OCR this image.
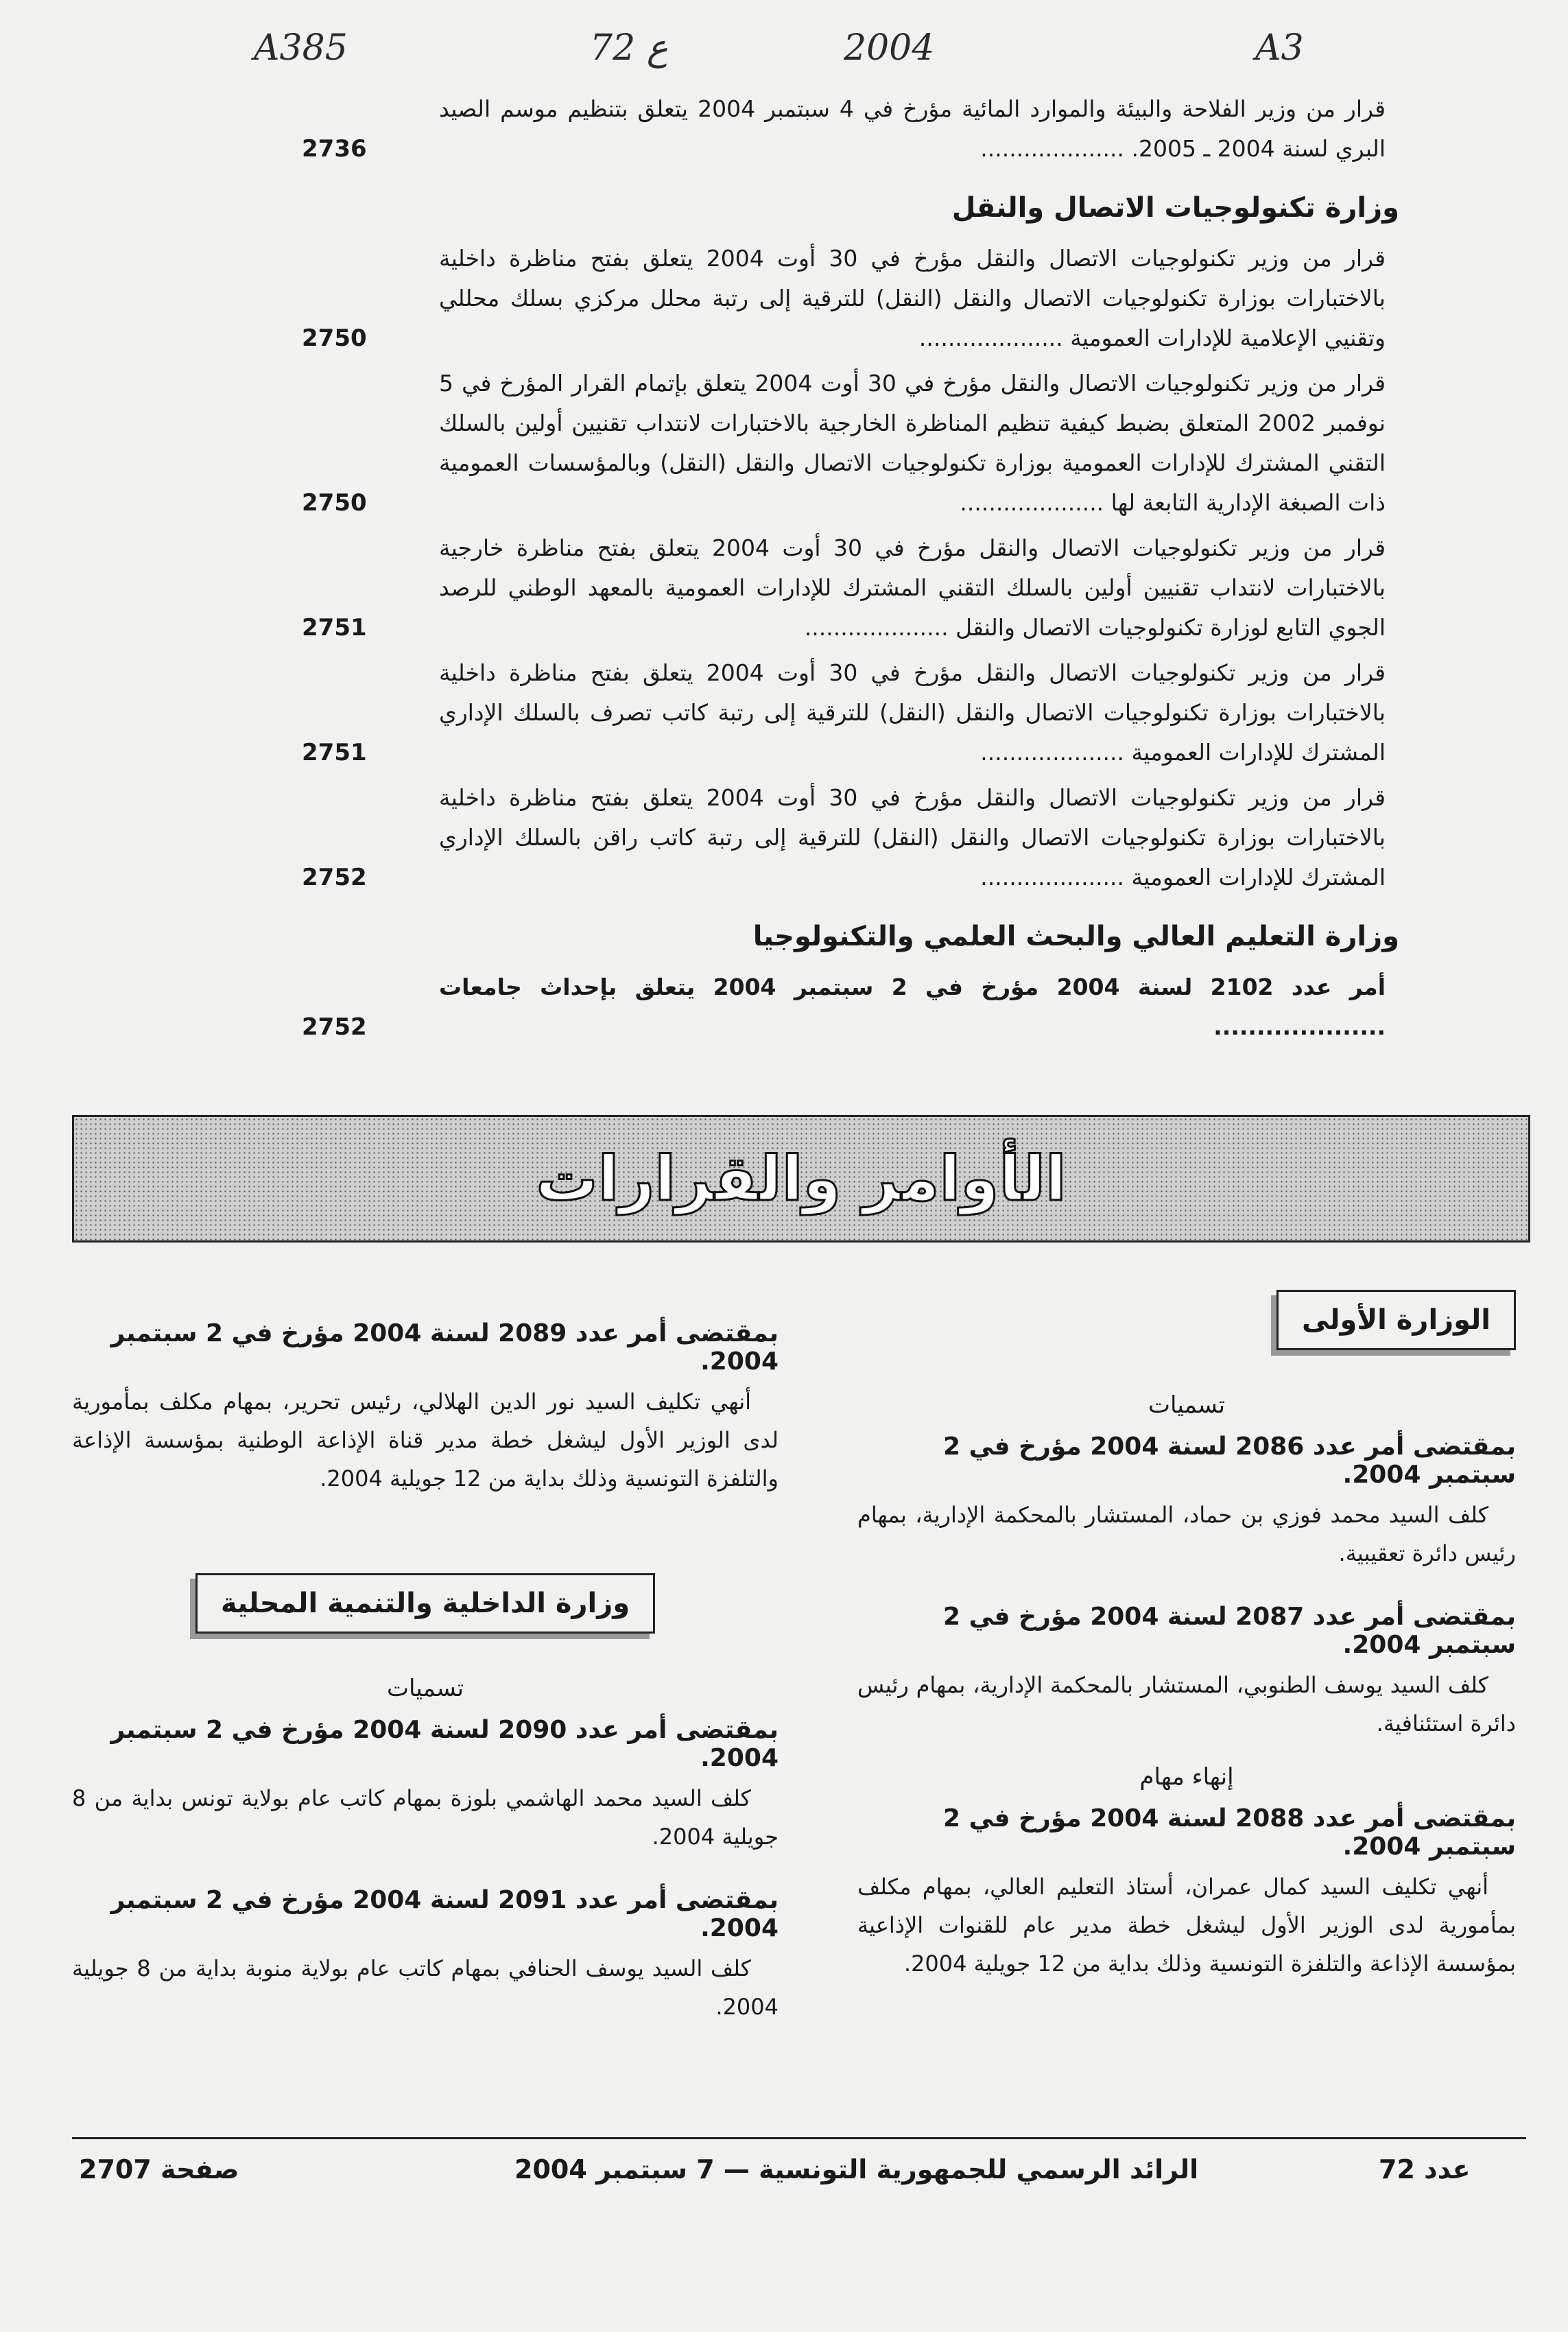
A3
72 ع	2004
A385
قرار من وزير الفلاحة والبيئة والموارد المائية مؤرخ في 4 سبتمبر 2004 يتعلق بتنظيم موسم الصيد البري لسنة 2004 ـ 2005. .....
2736
وزارة تكنولوجيات الاتصال والنقل
قرار من وزير تكنولوجيات الاتصال والنقل مؤرخ في 30 أوت 2004 يتعلق بفتح مناظرة داخلية بالاختبارات بوزارة تكنولوجيات الاتصال والنقل (النقل) للترقية إلى رتبة محلل مركزي بسلك محللي وتقنيي الإعلامية للإدارات العمومية .....
2750
قرار من وزير تكنولوجيات الاتصال والنقل مؤرخ في 30 أوت 2004 يتعلق بإتمام القرار المؤرخ في 5 نوفمبر 2002 المتعلق بضبط كيفية تنظيم المناظرة الخارجية بالاختبارات لانتداب تقنيين أولين بالسلك التقني المشترك للإدارات العمومية بوزارة تكنولوجيات الاتصال والنقل (النقل) وبالمؤسسات العمومية ذات الصبغة الإدارية التابعة لها .....
2750
قرار من وزير تكنولوجيات الاتصال والنقل مؤرخ في 30 أوت 2004 يتعلق بفتح مناظرة خارجية بالاختبارات لانتداب تقنيين أولين بالسلك التقني المشترك للإدارات العمومية بالمعهد الوطني للرصد الجوي التابع لوزارة تكنولوجيات الاتصال والنقل .....
2751
قرار من وزير تكنولوجيات الاتصال والنقل مؤرخ في 30 أوت 2004 يتعلق بفتح مناظرة داخلية بالاختبارات بوزارة تكنولوجيات الاتصال والنقل (النقل) للترقية إلى رتبة كاتب تصرف بالسلك الإداري المشترك للإدارات العمومية .....
2751
قرار من وزير تكنولوجيات الاتصال والنقل مؤرخ في 30 أوت 2004 يتعلق بفتح مناظرة داخلية بالاختبارات بوزارة تكنولوجيات الاتصال والنقل (النقل) للترقية إلى رتبة كاتب راقن بالسلك الإداري المشترك للإدارات العمومية .....
2752
وزارة التعليم العالي والبحث العلمي والتكنولوجيا
أمر عدد 2102 لسنة 2004 مؤرخ في 2 سبتمبر 2004 يتعلق بإحداث جامعات .....
2752
الأوامر والقرارات
الوزارة الأولى
تسميات
بمقتضى أمر عدد 2086 لسنة 2004 مؤرخ في 2 سبتمبر 2004.
كلف السيد محمد فوزي بن حماد، المستشار بالمحكمة الإدارية، بمهام رئيس دائرة تعقيبية.
بمقتضى أمر عدد 2087 لسنة 2004 مؤرخ في 2 سبتمبر 2004.
كلف السيد يوسف الطنوبي، المستشار بالمحكمة الإدارية، بمهام رئيس دائرة استئنافية.
إنهاء مهام
بمقتضى أمر عدد 2088 لسنة 2004 مؤرخ في 2 سبتمبر 2004.
أنهي تكليف السيد كمال عمران، أستاذ التعليم العالي، بمهام مكلف بمأمورية لدى الوزير الأول ليشغل خطة مدير عام للقنوات الإذاعية بمؤسسة الإذاعة والتلفزة التونسية وذلك بداية من 12 جويلية 2004.
بمقتضى أمر عدد 2089 لسنة 2004 مؤرخ في 2 سبتمبر 2004.
أنهي تكليف السيد نور الدين الهلالي، رئيس تحرير، بمهام مكلف بمأمورية لدى الوزير الأول ليشغل خطة مدير قناة الإذاعة الوطنية بمؤسسة الإذاعة والتلفزة التونسية وذلك بداية من 12 جويلية 2004.
وزارة الداخلية والتنمية المحلية
تسميات
بمقتضى أمر عدد 2090 لسنة 2004 مؤرخ في 2 سبتمبر 2004.
كلف السيد محمد الهاشمي بلوزة بمهام كاتب عام بولاية تونس بداية من 8 جويلية 2004.
بمقتضى أمر عدد 2091 لسنة 2004 مؤرخ في 2 سبتمبر 2004.
كلف السيد يوسف الحنافي بمهام كاتب عام بولاية منوبة بداية من 8 جويلية 2004.
عدد 72
الرائد الرسمي للجمهورية التونسية — 7 سبتمبر 2004
صفحة 2707
